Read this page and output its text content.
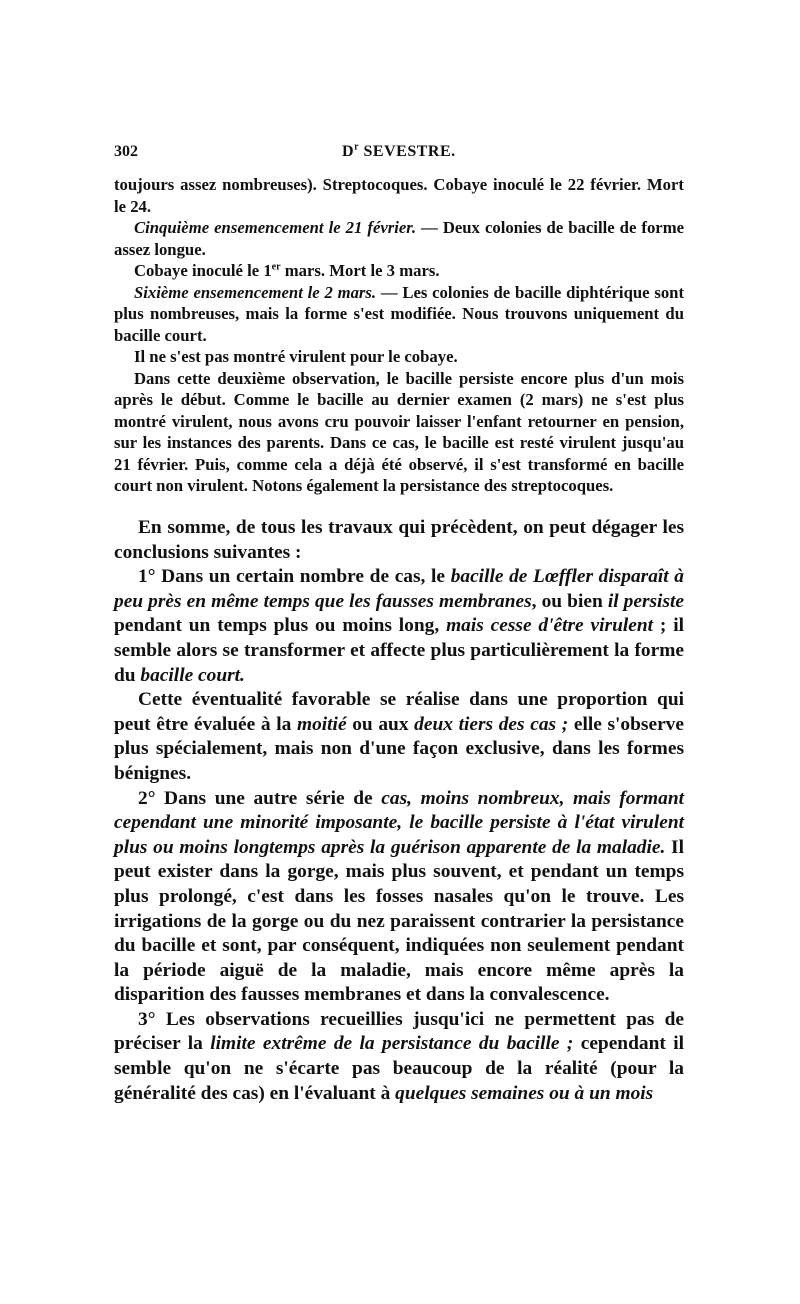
302	$D^r$ SEVESTRE.

toujours assez nombreuses). Streptocoques. Cobaye inoculé le 22 février. Mort le 24.

Cinquième ensemencement le 21 février. — Deux colonies de bacille de forme assez longue.

Cobaye inoculé le 1er mars. Mort le 3 mars.

Sixième ensemencement le 2 mars. — Les colonies de bacille diphtérique sont plus nombreuses, mais la forme s'est modifiée. Nous trouvons uniquement du bacille court.

Il ne s'est pas montré virulent pour le cobaye.

Dans cette deuxième observation, le bacille persiste encore plus d'un mois après le début. Comme le bacille au dernier examen (2 mars) ne s'est plus montré virulent, nous avons cru pouvoir laisser l'enfant retourner en pension, sur les instances des parents. Dans ce cas, le bacille est resté virulent jusqu'au 21 février. Puis, comme cela a déjà été observé, il s'est transformé en bacille court non virulent. Notons également la persistance des streptocoques.

En somme, de tous les travaux qui précèdent, on peut dégager les conclusions suivantes :

1° Dans un certain nombre de cas, le bacille de Lœffler disparaît à peu près en même temps que les fausses membranes, ou bien il persiste pendant un temps plus ou moins long, mais cesse d'être virulent ; il semble alors se transformer et affecte plus particulièrement la forme du bacille court.

Cette éventualité favorable se réalise dans une proportion qui peut être évaluée à la moitié ou aux deux tiers des cas ; elle s'observe plus spécialement, mais non d'une façon exclusive, dans les formes bénignes.

2° Dans une autre série de cas, moins nombreux, mais formant cependant une minorité imposante, le bacille persiste à l'état virulent plus ou moins longtemps après la guérison apparente de la maladie. Il peut exister dans la gorge, mais plus souvent, et pendant un temps plus prolongé, c'est dans les fosses nasales qu'on le trouve. Les irrigations de la gorge ou du nez paraissent contrarier la persistance du bacille et sont, par conséquent, indiquées non seulement pendant la période aiguë de la maladie, mais encore même après la disparition des fausses membranes et dans la convalescence.

3° Les observations recueillies jusqu'ici ne permettent pas de préciser la limite extrême de la persistance du bacille ; cependant il semble qu'on ne s'écarte pas beaucoup de la réalité (pour la généralité des cas) en l'évaluant à quelques semaines ou à un mois
